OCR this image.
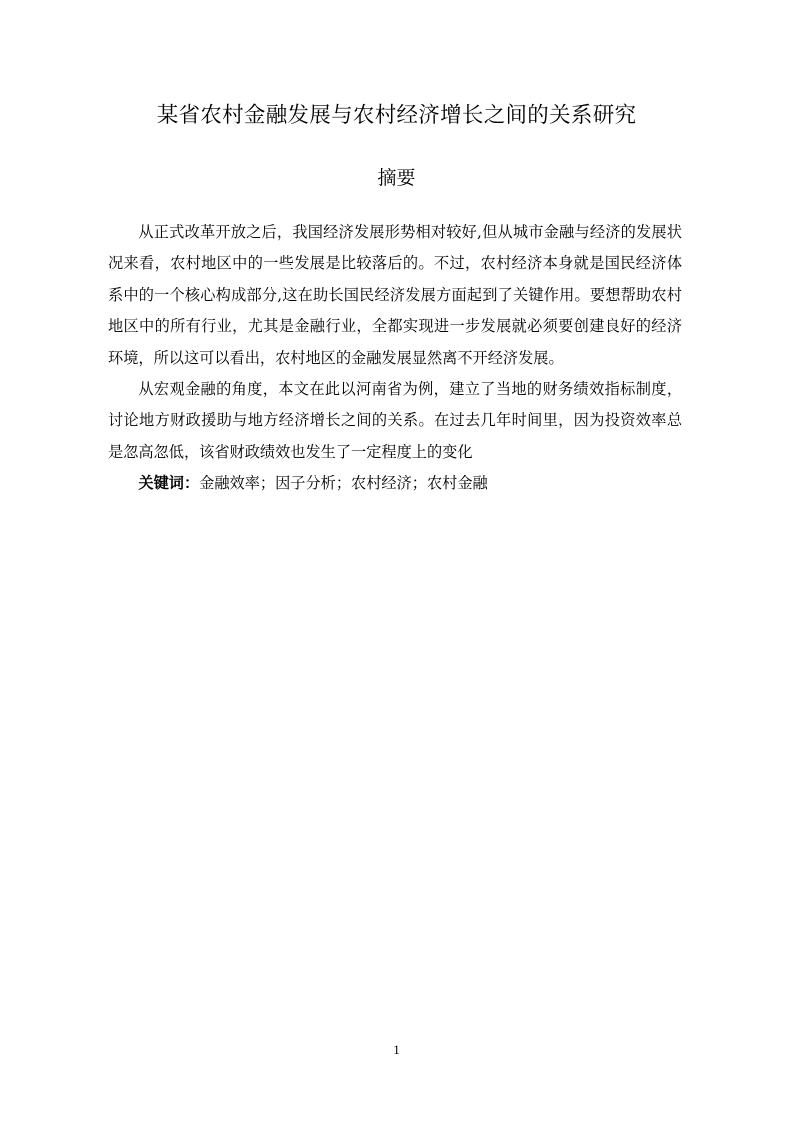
某省农村金融发展与农村经济增长之间的关系研究
摘要

从正式改革开放之后，我国经济发展形势相对较好,但从城市金融与经济的发展状况来看，农村地区中的一些发展是比较落后的。不过，农村经济本身就是国民经济体系中的一个核心构成部分,这在助长国民经济发展方面起到了关键作用。要想帮助农村地区中的所有行业，尤其是金融行业，全都实现进一步发展就必须要创建良好的经济环境，所以这可以看出，农村地区的金融发展显然离不开经济发展。

从宏观金融的角度，本文在此以河南省为例，建立了当地的财务绩效指标制度，讨论地方财政援助与地方经济增长之间的关系。在过去几年时间里，因为投资效率总是忽高忽低，该省财政绩效也发生了一定程度上的变化

关键词：金融效率；因子分析；农村经济；农村金融

1
